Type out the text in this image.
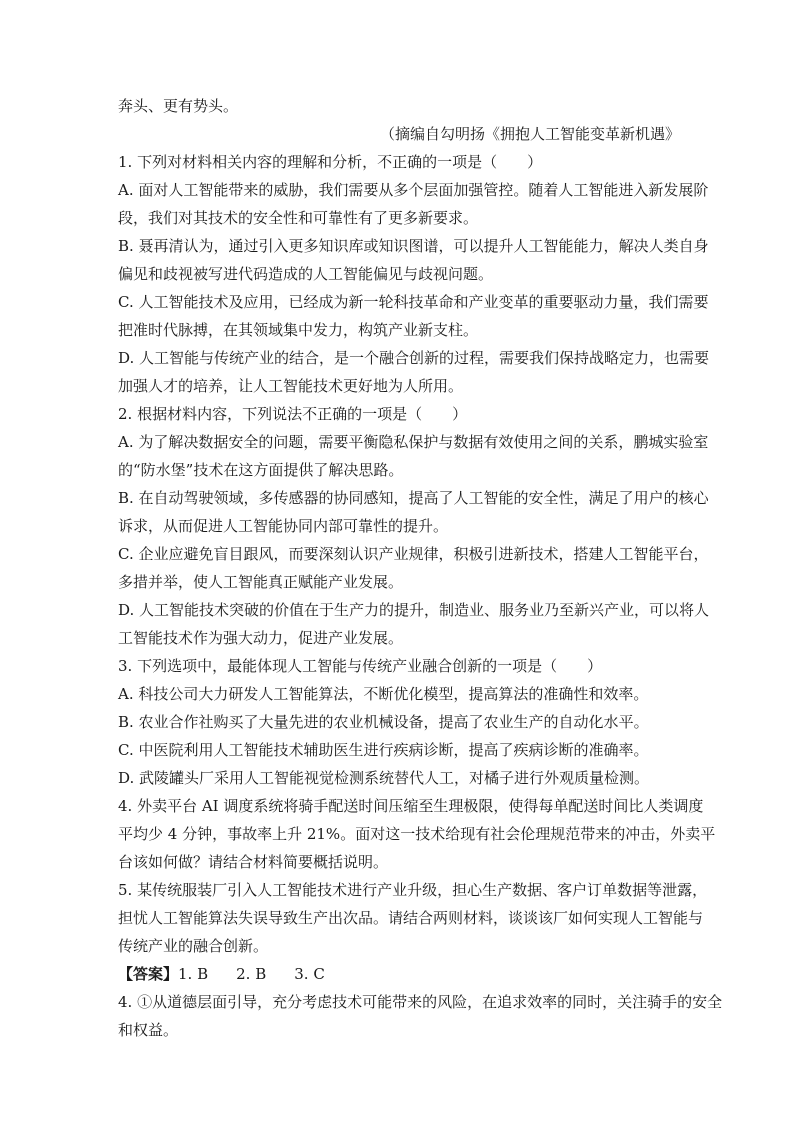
奔头、更有势头。
（摘编自勾明扬《拥抱人工智能变革新机遇》
1. 下列对材料相关内容的理解和分析，不正确的一项是（　　）
A. 面对人工智能带来的威胁，我们需要从多个层面加强管控。随着人工智能进入新发展阶
段，我们对其技术的安全性和可靠性有了更多新要求。
B. 聂再清认为，通过引入更多知识库或知识图谱，可以提升人工智能能力，解决人类自身
偏见和歧视被写进代码造成的人工智能偏见与歧视问题。
C. 人工智能技术及应用，已经成为新一轮科技革命和产业变革的重要驱动力量，我们需要
把准时代脉搏，在其领域集中发力，构筑产业新支柱。
D. 人工智能与传统产业的结合，是一个融合创新的过程，需要我们保持战略定力，也需要
加强人才的培养，让人工智能技术更好地为人所用。
2. 根据材料内容，下列说法不正确的一项是（　　）
A. 为了解决数据安全的问题，需要平衡隐私保护与数据有效使用之间的关系，鹏城实验室
的“防水堡”技术在这方面提供了解决思路。
B. 在自动驾驶领域，多传感器的协同感知，提高了人工智能的安全性，满足了用户的核心
诉求，从而促进人工智能协同内部可靠性的提升。
C. 企业应避免盲目跟风，而要深刻认识产业规律，积极引进新技术，搭建人工智能平台，
多措并举，使人工智能真正赋能产业发展。
D. 人工智能技术突破的价值在于生产力的提升，制造业、服务业乃至新兴产业，可以将人
工智能技术作为强大动力，促进产业发展。
3. 下列选项中，最能体现人工智能与传统产业融合创新的一项是（　　）
A. 科技公司大力研发人工智能算法，不断优化模型，提高算法的准确性和效率。
B. 农业合作社购买了大量先进的农业机械设备，提高了农业生产的自动化水平。
C. 中医院利用人工智能技术辅助医生进行疾病诊断，提高了疾病诊断的准确率。
D. 武陵罐头厂采用人工智能视觉检测系统替代人工，对橘子进行外观质量检测。
4. 外卖平台 AI 调度系统将骑手配送时间压缩至生理极限，使得每单配送时间比人类调度
平均少 4 分钟，事故率上升 21%。面对这一技术给现有社会伦理规范带来的冲击，外卖平
台该如何做？请结合材料简要概括说明。
5. 某传统服装厂引入人工智能技术进行产业升级，担心生产数据、客户订单数据等泄露，
担忧人工智能算法失误导致生产出次品。请结合两则材料，谈谈该厂如何实现人工智能与
传统产业的融合创新。
【答案】1. B 2. B 3. C
4. ①从道德层面引导，充分考虑技术可能带来的风险，在追求效率的同时，关注骑手的安全
和权益。
